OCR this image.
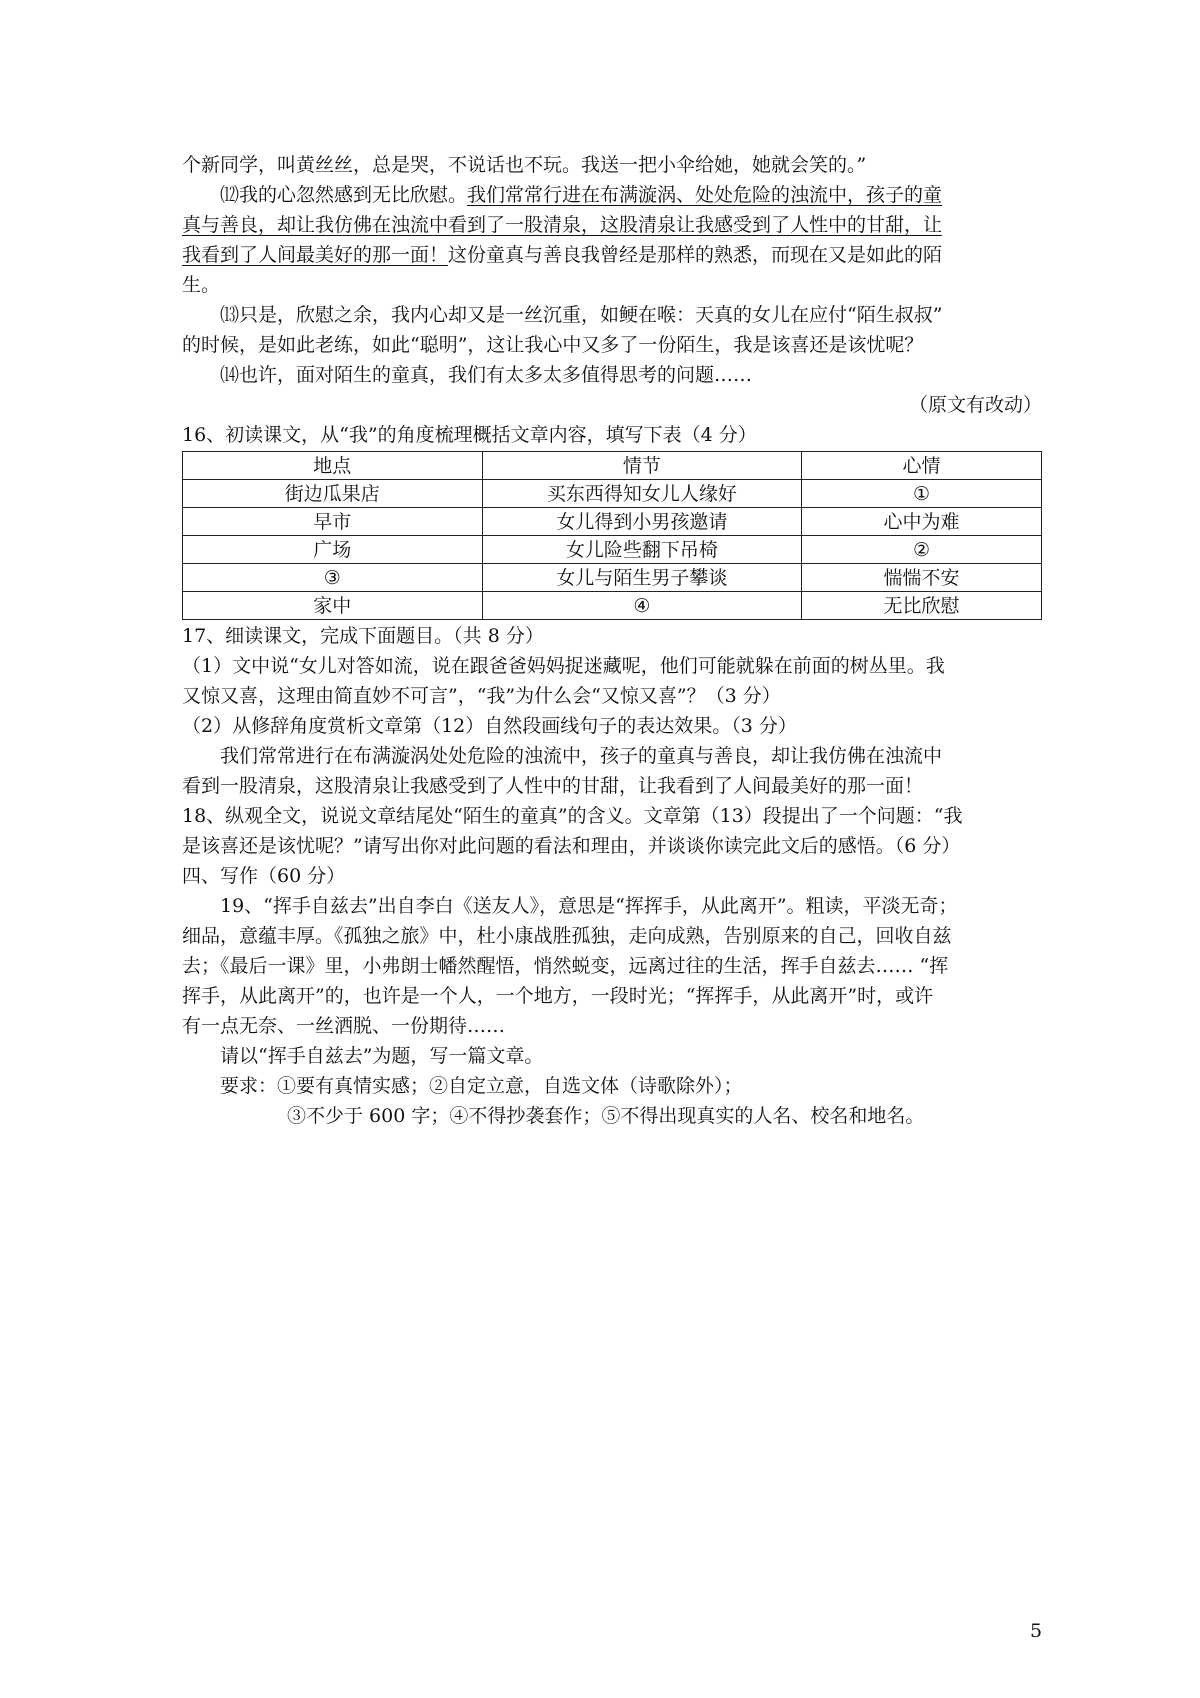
个新同学，叫黄丝丝，总是哭，不说话也不玩。我送一把小伞给她，她就会笑的。”
⑿我的心忽然感到无比欣慰。我们常常行进在布满漩涡、处处危险的浊流中，孩子的童
真与善良，却让我仿佛在浊流中看到了一股清泉，这股清泉让我感受到了人性中的甘甜，让
我看到了人间最美好的那一面！这份童真与善良我曾经是那样的熟悉，而现在又是如此的陌
生。
⒀只是，欣慰之余，我内心却又是一丝沉重，如鲠在喉：天真的女儿在应付“陌生叔叔”
的时候，是如此老练，如此“聪明”，这让我心中又多了一份陌生，我是该喜还是该忧呢？
⒁也许，面对陌生的童真，我们有太多太多值得思考的问题……
（原文有改动）
16、初读课文，从“我”的角度梳理概括文章内容，填写下表（4 分）
地点	情节	心情
街边瓜果店	买东西得知女儿人缘好	①
早市	女儿得到小男孩邀请	心中为难
广场	女儿险些翻下吊椅	②
③	女儿与陌生男子攀谈	惴惴不安
家中	④	无比欣慰
17、细读课文，完成下面题目。（共 8 分）
（1）文中说“女儿对答如流，说在跟爸爸妈妈捉迷藏呢，他们可能就躲在前面的树丛里。我
又惊又喜，这理由简直妙不可言”，“我”为什么会“又惊又喜”？（3 分）
（2）从修辞角度赏析文章第（12）自然段画线句子的表达效果。（3 分）
我们常常进行在布满漩涡处处危险的浊流中，孩子的童真与善良，却让我仿佛在浊流中
看到一股清泉，这股清泉让我感受到了人性中的甘甜，让我看到了人间最美好的那一面！
18、纵观全文，说说文章结尾处“陌生的童真”的含义。文章第（13）段提出了一个问题：“我
是该喜还是该忧呢？”请写出你对此问题的看法和理由，并谈谈你读完此文后的感悟。（6 分）
四、写作（60 分）
19、“挥手自兹去”出自李白《送友人》，意思是“挥挥手，从此离开”。粗读，平淡无奇；
细品，意蕴丰厚。《孤独之旅》中，杜小康战胜孤独，走向成熟，告别原来的自己，回收自兹
去；《最后一课》里，小弗朗士幡然醒悟，悄然蜕变，远离过往的生活，挥手自兹去…… “挥
挥手，从此离开”的，也许是一个人，一个地方，一段时光；“挥挥手，从此离开”时，或许
有一点无奈、一丝洒脱、一份期待……
请以“挥手自兹去”为题，写一篇文章。
要求：①要有真情实感；②自定立意，自选文体（诗歌除外）；
③不少于 600 字；④不得抄袭套作；⑤不得出现真实的人名、校名和地名。
5
